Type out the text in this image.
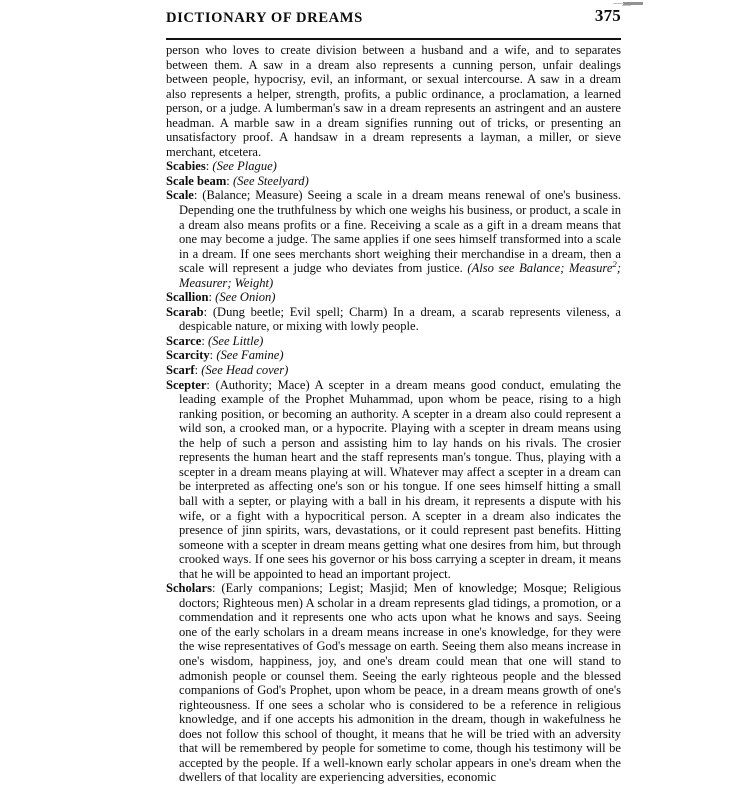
DICTIONARY OF DREAMS	375

person who loves to create division between a husband and a wife, and to separates between them. A saw in a dream also represents a cunning person, unfair dealings between people, hypocrisy, evil, an informant, or sexual intercourse. A saw in a dream also represents a helper, strength, profits, a public ordinance, a proclamation, a learned person, or a judge. A lumberman's saw in a dream represents an astringent and an austere headman. A marble saw in a dream signifies running out of tricks, or presenting an unsatisfactory proof. A handsaw in a dream represents a layman, a miller, or sieve merchant, etcetera.

Scabies: (See Plague)

Scale beam: (See Steelyard)

Scale: (Balance; Measure) Seeing a scale in a dream means renewal of one's business. Depending one the truthfulness by which one weighs his business, or product, a scale in a dream also means profits or a fine. Receiving a scale as a gift in a dream means that one may become a judge. The same applies if one sees himself transformed into a scale in a dream. If one sees merchants short weighing their merchandise in a dream, then a scale will represent a judge who deviates from justice. (Also see Balance; Measure$^2$; Measurer; Weight)

Scallion: (See Onion)

Scarab: (Dung beetle; Evil spell; Charm) In a dream, a scarab represents vileness, a despicable nature, or mixing with lowly people.

Scarce: (See Little)

Scarcity: (See Famine)

Scarf: (See Head cover)

Scepter: (Authority; Mace) A scepter in a dream means good conduct, emulating the leading example of the Prophet Muhammad, upon whom be peace, rising to a high ranking position, or becoming an authority. A scepter in a dream also could represent a wild son, a crooked man, or a hypocrite. Playing with a scepter in dream means using the help of such a person and assisting him to lay hands on his rivals. The crosier represents the human heart and the staff represents man's tongue. Thus, playing with a scepter in a dream means playing at will. Whatever may affect a scepter in a dream can be interpreted as affecting one's son or his tongue. If one sees himself hitting a small ball with a septer, or playing with a ball in his dream, it represents a dispute with his wife, or a fight with a hypocritical person. A scepter in a dream also indicates the presence of jinn spirits, wars, devastations, or it could represent past benefits. Hitting someone with a scepter in dream means getting what one desires from him, but through crooked ways. If one sees his governor or his boss carrying a scepter in dream, it means that he will be appointed to head an important project.

Scholars: (Early companions; Legist; Masjid; Men of knowledge; Mosque; Religious doctors; Righteous men) A scholar in a dream represents glad tidings, a promotion, or a commendation and it represents one who acts upon what he knows and says. Seeing one of the early scholars in a dream means increase in one's knowledge, for they were the wise representatives of God's message on earth. Seeing them also means increase in one's wisdom, happiness, joy, and one's dream could mean that one will stand to admonish people or counsel them. Seeing the early righteous people and the blessed companions of God's Prophet, upon whom be peace, in a dream means growth of one's righteousness. If one sees a scholar who is considered to be a reference in religious knowledge, and if one accepts his admonition in the dream, though in wakefulness he does not follow this school of thought, it means that he will be tried with an adversity that will be remembered by people for sometime to come, though his testimony will be accepted by the people. If a well-known early scholar appears in one's dream when the dwellers of that locality are experiencing adversities, economic
